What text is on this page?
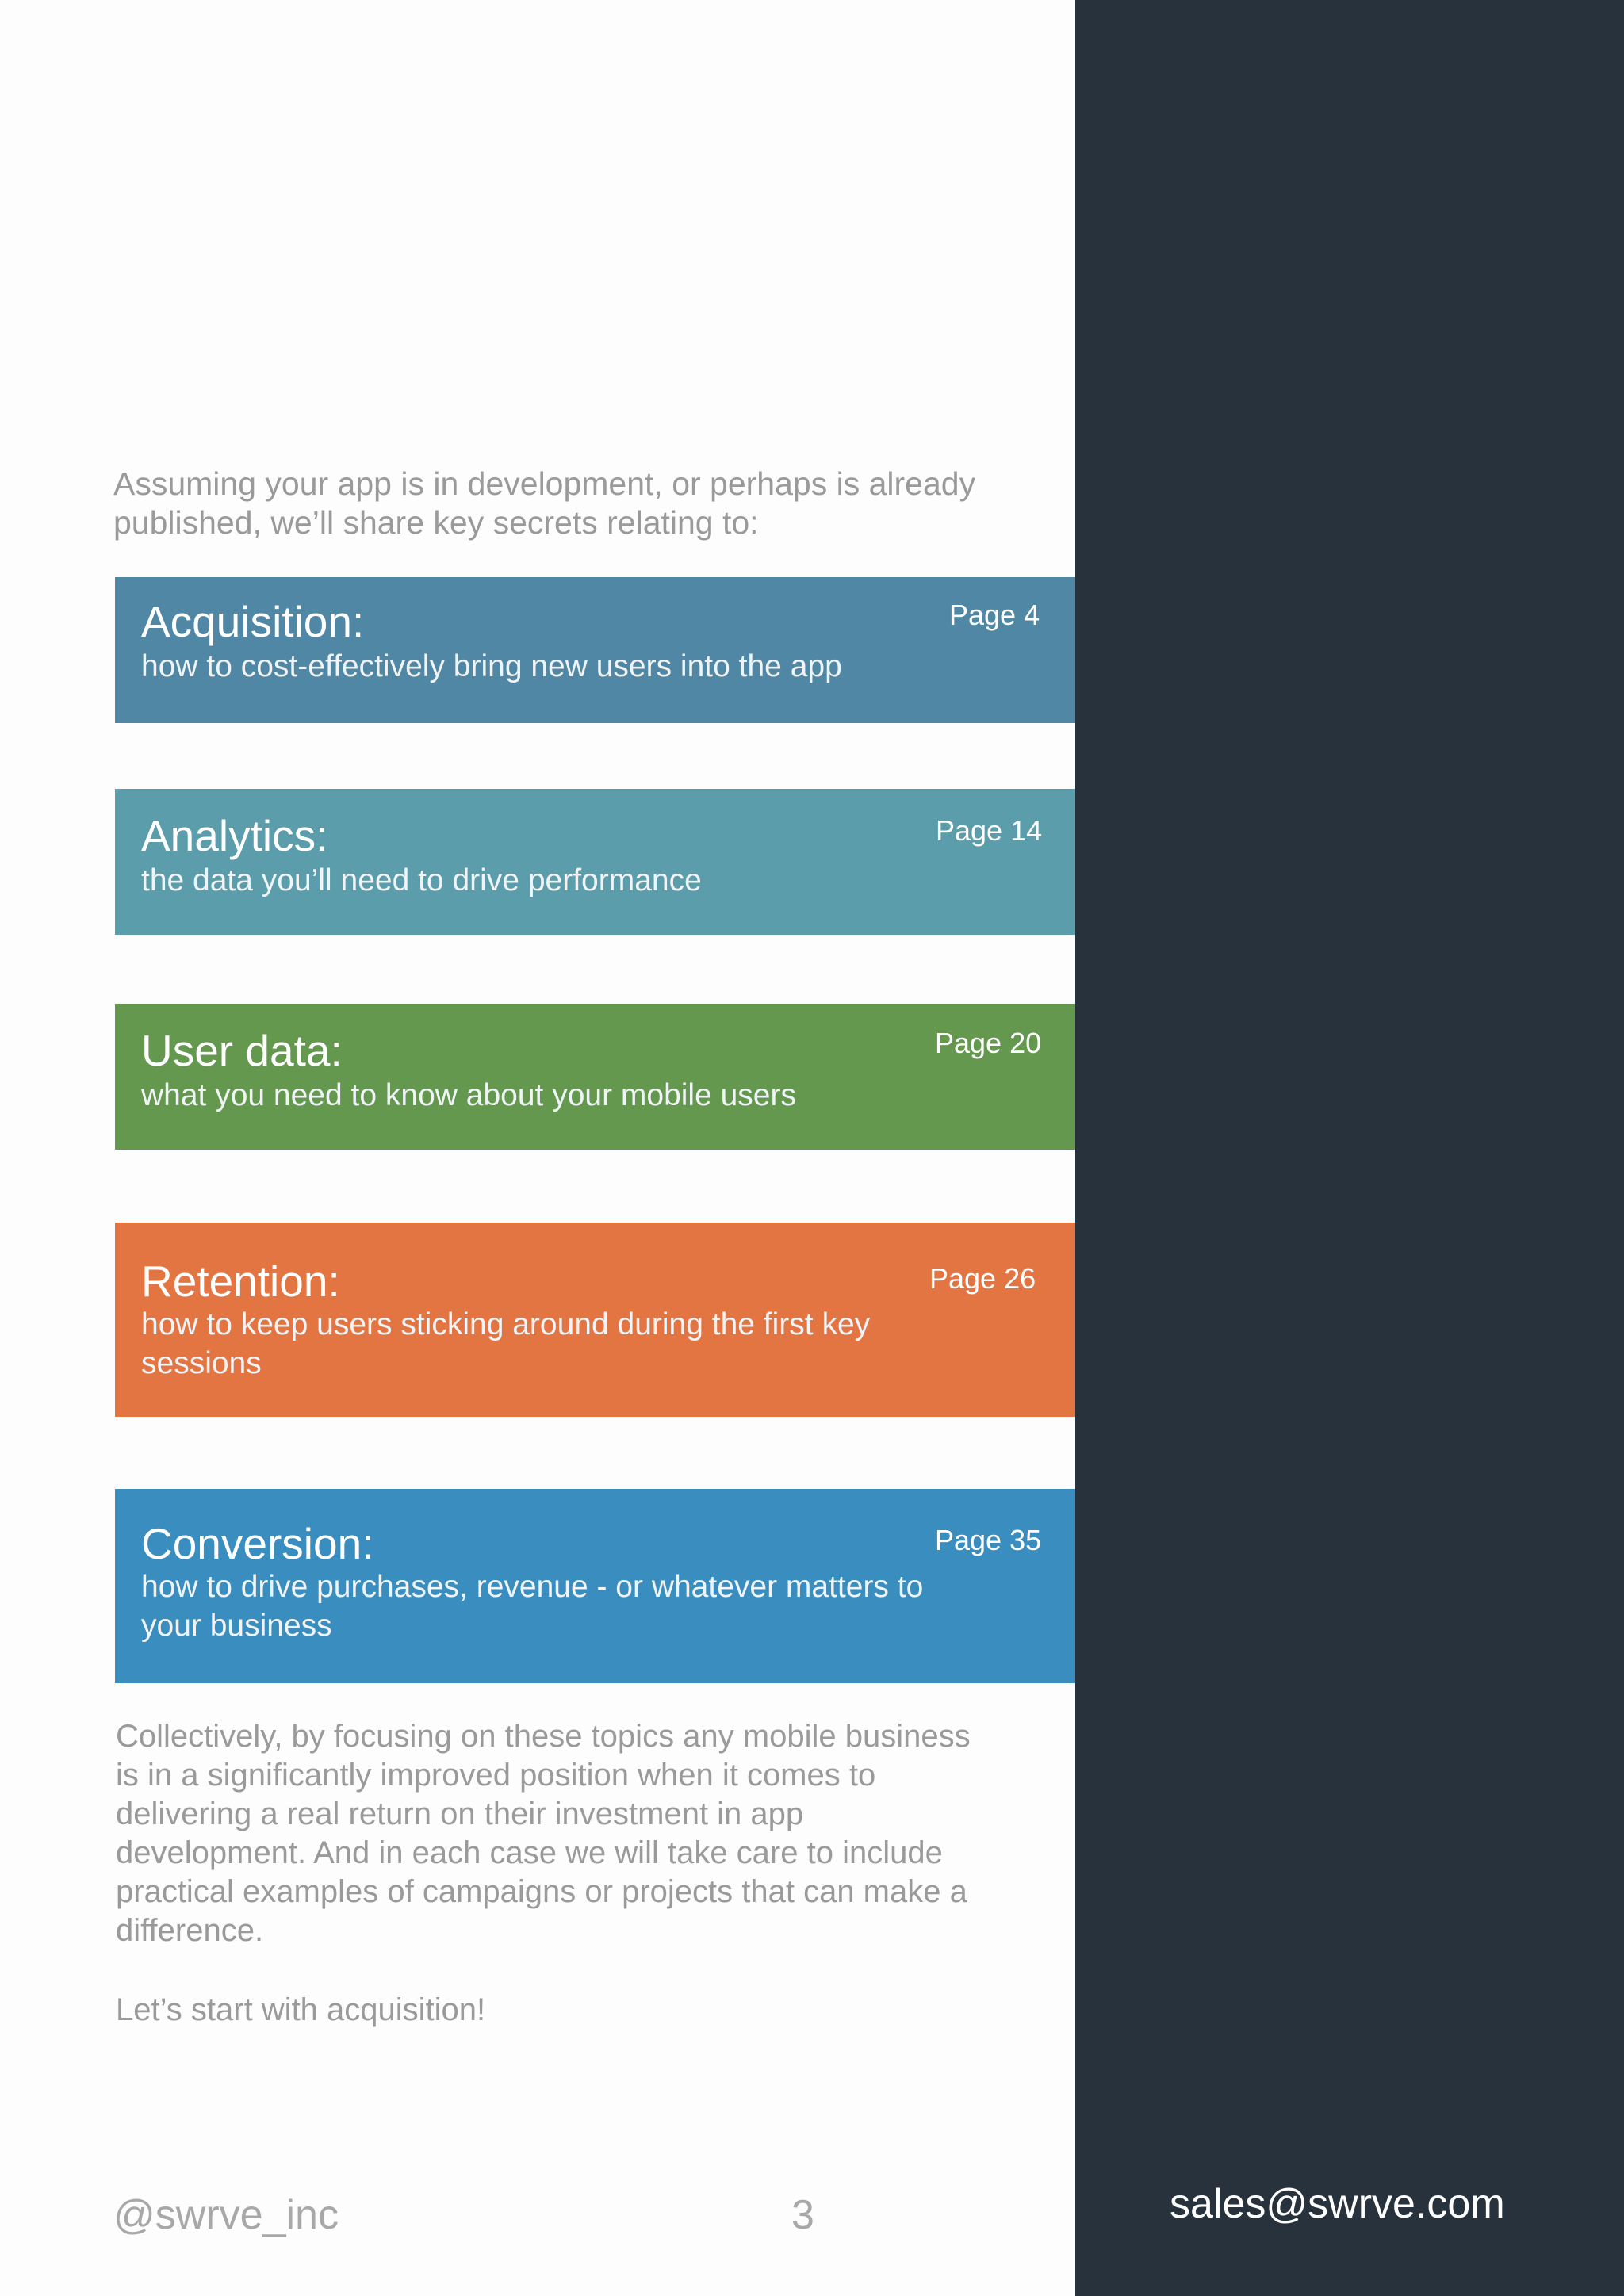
Assuming your app is in development, or perhaps is already published, we’ll share key secrets relating to:

Acquisition:

how to cost-effectively bring new users into the app

Page 4
Analytics:

the data you’ll need to drive performance

Page 14
User data:

what you need to know about your mobile users

Page 20
Retention:

how to keep users sticking around during the first key sessions

Page 26
Conversion:

how to drive purchases, revenue - or whatever matters to your business

Page 35

Collectively, by focusing on these topics any mobile business is in a significantly improved position when it comes to delivering a real return on their investment in app development. And in each case we will take care to include practical examples of campaigns or projects that can make a difference.

Let’s start with acquisition!

@swrve_inc	3	sales@swrve.com
